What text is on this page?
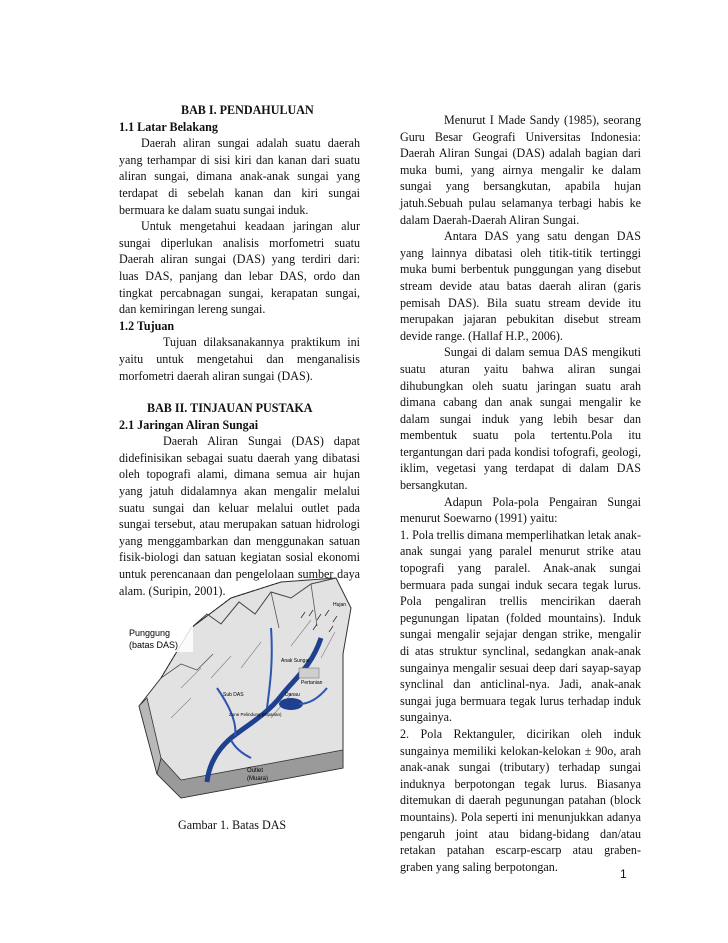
BAB I. PENDAHULUAN
1.1 Latar Belakang

Daerah aliran sungai adalah suatu daerah yang terhampar di sisi kiri dan kanan dari suatu aliran sungai, dimana anak-anak sungai yang terdapat di sebelah kanan dan kiri sungai bermuara ke dalam suatu sungai induk.

Untuk mengetahui keadaan jaringan alur sungai diperlukan analisis morfometri suatu Daerah aliran sungai (DAS) yang terdiri dari: luas DAS, panjang dan lebar DAS, ordo dan tingkat percabnagan sungai, kerapatan sungai, dan kemiringan lereng sungai.

1.2 Tujuan

Tujuan dilaksanakannya praktikum ini yaitu untuk mengetahui dan menganalisis morfometri daerah aliran sungai (DAS).

BAB II. TINJAUAN PUSTAKA
2.1 Jaringan Aliran Sungai

Daerah Aliran Sungai (DAS) dapat didefinisikan sebagai suatu daerah yang dibatasi oleh topografi alami, dimana semua air hujan yang jatuh didalamnya akan mengalir melalui suatu sungai dan keluar melalui outlet pada sungai tersebut, atau merupakan satuan hidrologi yang menggambarkan dan menggunakan satuan fisik-biologi dan satuan kegiatan sosial ekonomi untuk perencanaan dan pengelolaan sumber daya alam. (Suripin, 2001).

Punggung
(batas DAS)
Hujan
Anak Sungai
Pertanian
Danau
Sub DAS
Zone Pelindung (Riparian)
Outlet
(Muara)
Gambar 1. Batas DAS

Menurut I Made Sandy (1985), seorang Guru Besar Geografi Universitas Indonesia: Daerah Aliran Sungai (DAS) adalah bagian dari muka bumi, yang airnya mengalir ke dalam sungai yang bersangkutan, apabila hujan jatuh.Sebuah pulau selamanya terbagi habis ke dalam Daerah-Daerah Aliran Sungai.

Antara DAS yang satu dengan DAS yang lainnya dibatasi oleh titik-titik tertinggi muka bumi berbentuk punggungan yang disebut stream devide atau batas daerah aliran (garis pemisah DAS). Bila suatu stream devide itu merupakan jajaran pebukitan disebut stream devide range. (Hallaf H.P., 2006).

Sungai di dalam semua DAS mengikuti suatu aturan yaitu bahwa aliran sungai dihubungkan oleh suatu jaringan suatu arah dimana cabang dan anak sungai mengalir ke dalam sungai induk yang lebih besar dan membentuk suatu pola tertentu.Pola itu tergantungan dari pada kondisi tofografi, geologi, iklim, vegetasi yang terdapat di dalam DAS bersangkutan.

Adapun Pola-pola Pengairan Sungai menurut Soewarno (1991) yaitu:

1. Pola trellis dimana memperlihatkan letak anak-anak sungai yang paralel menurut strike atau topografi yang paralel. Anak-anak sungai bermuara pada sungai induk secara tegak lurus. Pola pengaliran trellis mencirikan daerah pegunungan lipatan (folded mountains). Induk sungai mengalir sejajar dengan strike, mengalir di atas struktur synclinal, sedangkan anak-anak sungainya mengalir sesuai deep dari sayap-sayap synclinal dan anticlinal-nya. Jadi, anak-anak sungai juga bermuara tegak lurus terhadap induk sungainya.

2. Pola Rektanguler, dicirikan oleh induk sungainya memiliki kelokan-kelokan ± 90o, arah anak-anak sungai (tributary) terhadap sungai induknya berpotongan tegak lurus. Biasanya ditemukan di daerah pegunungan patahan (block mountains). Pola seperti ini menunjukkan adanya pengaruh joint atau bidang-bidang dan/atau retakan patahan escarp-escarp atau graben-graben yang saling berpotongan.

1
